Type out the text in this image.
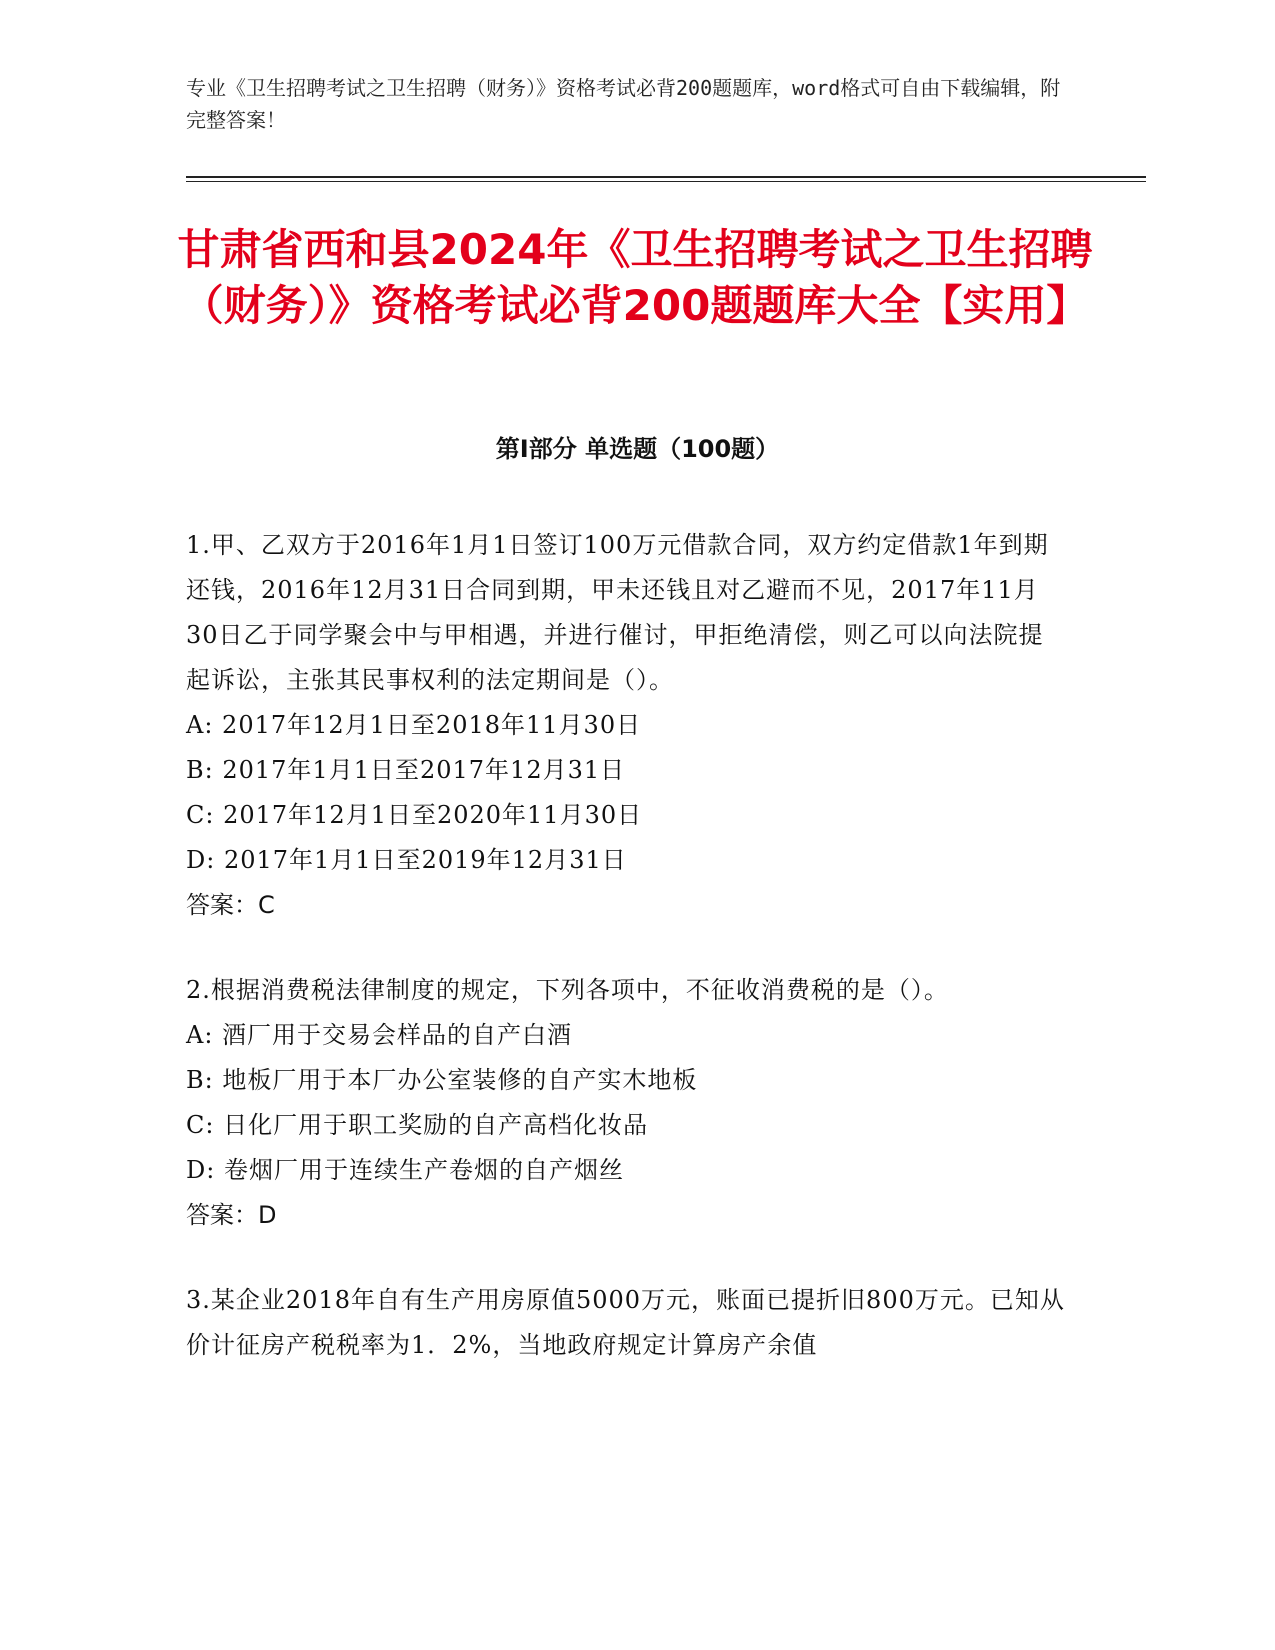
专业《卫生招聘考试之卫生招聘（财务）》资格考试必背200题题库，word格式可自由下载编辑，附完整答案！
甘肃省西和县2024年《卫生招聘考试之卫生招聘（财务）》资格考试必背200题题库大全【实用】
第I部分 单选题（100题）
1.甲、乙双方于2016年1月1日签订100万元借款合同，双方约定借款1年到期还钱，2016年12月31日合同到期，甲未还钱且对乙避而不见，2017年11月30日乙于同学聚会中与甲相遇，并进行催讨，甲拒绝清偿，则乙可以向法院提起诉讼，主张其民事权利的法定期间是（）。
A: 2017年12月1日至2018年11月30日
B: 2017年1月1日至2017年12月31日
C: 2017年12月1日至2020年11月30日
D: 2017年1月1日至2019年12月31日
答案：C
2.根据消费税法律制度的规定，下列各项中，不征收消费税的是（）。
A: 酒厂用于交易会样品的自产白酒
B: 地板厂用于本厂办公室装修的自产实木地板
C: 日化厂用于职工奖励的自产高档化妆品
D: 卷烟厂用于连续生产卷烟的自产烟丝
答案：D
3.某企业2018年自有生产用房原值5000万元，账面已提折旧800万元。已知从价计征房产税税率为1．2%，当地政府规定计算房产余值
